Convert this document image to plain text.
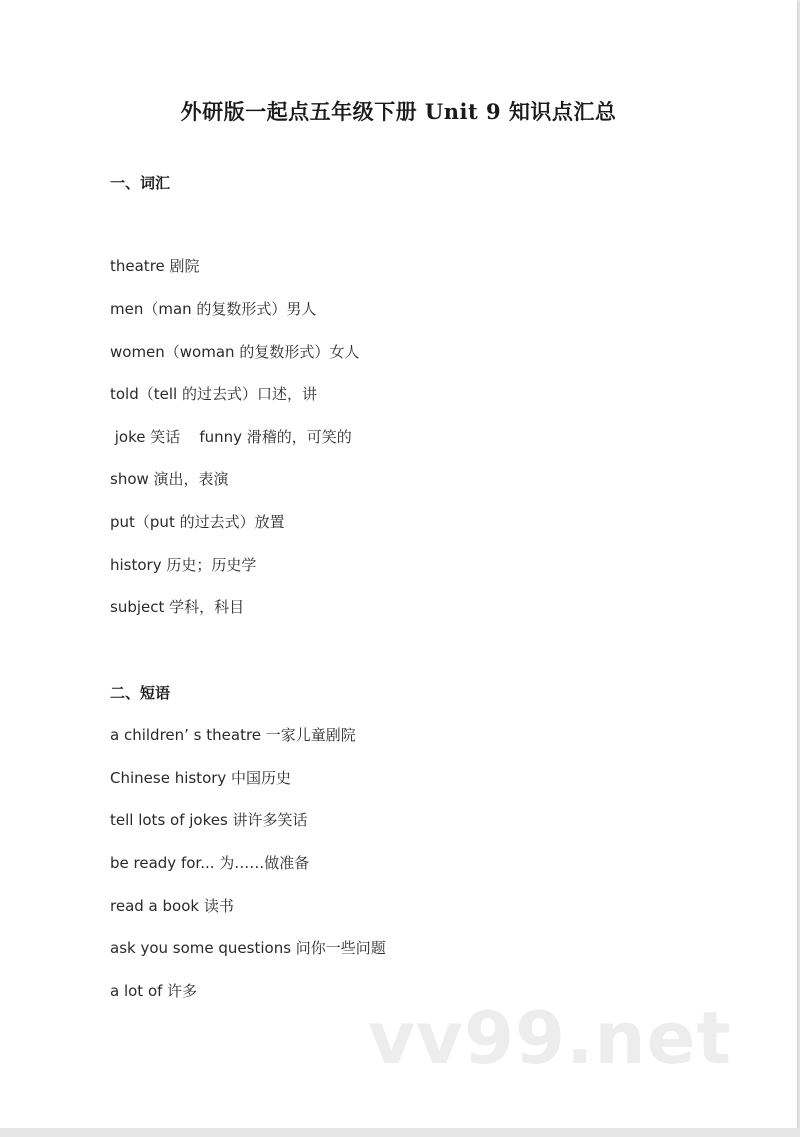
外研版一起点五年级下册 Unit 9 知识点汇总
一、词汇

theatre 剧院

men（man 的复数形式）男人

women（woman 的复数形式）女人

told（tell 的过去式）口述，讲

joke 笑话    funny 滑稽的，可笑的

show 演出，表演

put（put 的过去式）放置

history 历史；历史学

subject 学科，科目

二、短语

a children’ s theatre 一家儿童剧院

Chinese history 中国历史

tell lots of jokes 讲许多笑话

be ready for... 为……做准备

read a book 读书

ask you some questions 问你一些问题

a lot of 许多

vv99.net
